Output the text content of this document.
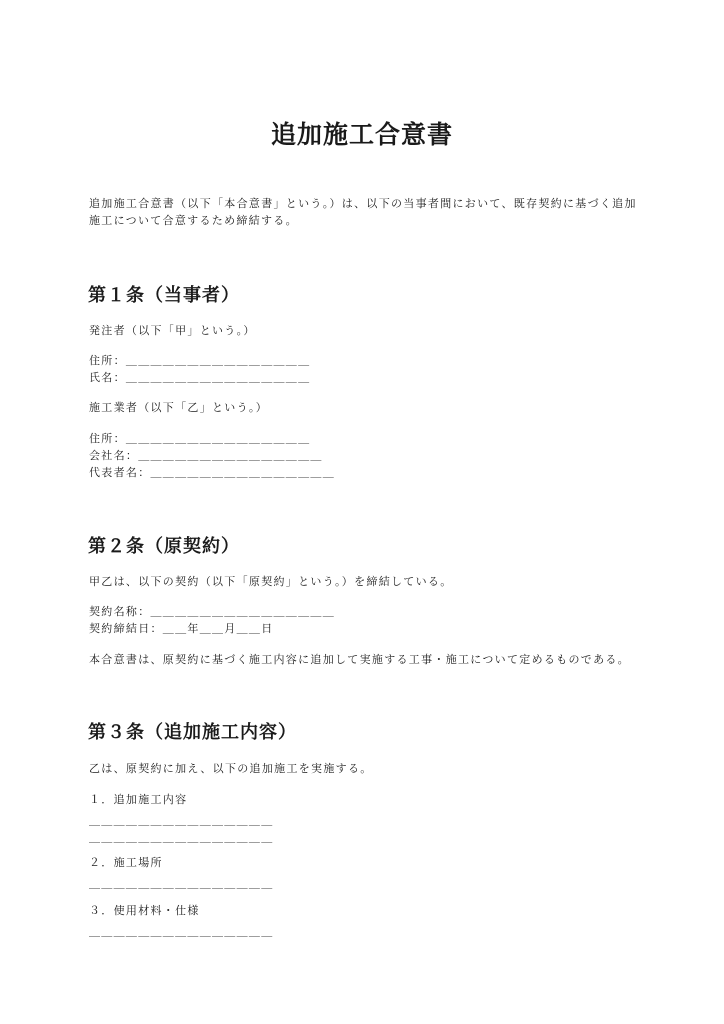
追加施工合意書
追加施工合意書（以下「本合意書」という。）は、以下の当事者間において、既存契約に基づく追加
施工について合意するため締結する。
第１条（当事者）
発注者（以下「甲」という。）
住所：＿＿＿＿＿＿＿＿＿＿＿＿＿＿＿
氏名：＿＿＿＿＿＿＿＿＿＿＿＿＿＿＿
施工業者（以下「乙」という。）
住所：＿＿＿＿＿＿＿＿＿＿＿＿＿＿＿
会社名：＿＿＿＿＿＿＿＿＿＿＿＿＿＿＿
代表者名：＿＿＿＿＿＿＿＿＿＿＿＿＿＿＿
第２条（原契約）
甲乙は、以下の契約（以下「原契約」という。）を締結している。
契約名称：＿＿＿＿＿＿＿＿＿＿＿＿＿＿＿
契約締結日：＿＿年＿＿月＿＿日
本合意書は、原契約に基づく施工内容に追加して実施する工事・施工について定めるものである。
第３条（追加施工内容）
乙は、原契約に加え、以下の追加施工を実施する。
１．追加施工内容
＿＿＿＿＿＿＿＿＿＿＿＿＿＿＿
＿＿＿＿＿＿＿＿＿＿＿＿＿＿＿
２．施工場所
＿＿＿＿＿＿＿＿＿＿＿＿＿＿＿
３．使用材料・仕様
＿＿＿＿＿＿＿＿＿＿＿＿＿＿＿
